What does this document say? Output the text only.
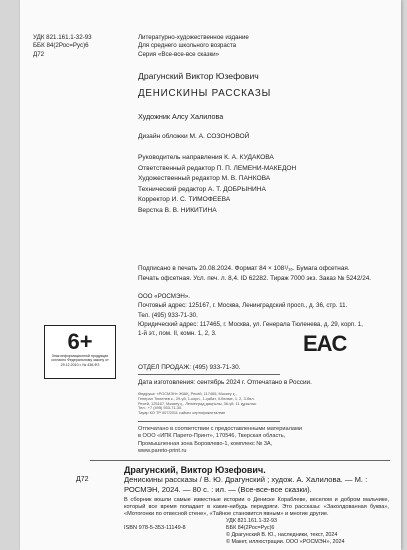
УДК 821.161.1-32-93
ББК 84(2Рос=Рус)6
Д72
Литературно-художественное издание
Для среднего школьного возраста
Серия «Все-все-все сказки»
Драгунский Виктор Юзефович
ДЕНИСКИНЫ РАССКАЗЫ
Художник Алсу Халилова
Дизайн обложки М. А. СОЗОНОВОЙ
Руководитель направления К. А. КУДАКОВА
Ответственный редактор П. П. ЛЕМЕНИ-МАКЕДОН
Художественный редактор М. В. ПАНКОВА
Технический редактор А. Т. ДОБРЫНИНА
Корректор И. С. ТИМОФЕЕВА
Верстка В. В. НИКИТИНА
Подписано в печать 20.08.2024. Формат 84 × 108¹/₁₆. Бумага офсетная.
Печать офсетная. Усл. печ. л. 8,4. ID 62282. Тираж 7000 экз. Заказ № 5242/24.
ООО «РОСМЭН».
Почтовый адрес: 125167, г. Москва, Ленинградский просп., д. 36, стр. 11.
Тел. (495) 933-71-30.
Юридический адрес: 117465, г. Москва, ул. Генерала Тюленева, д. 29, корп. 1,
1-й эт., пом. II, комн. 1, 2, 3.
6+
Знак информационной продукции согласно Федеральному закону от 29.12.2010 г. № 436-ФЗ
EAC
ОТДЕЛ ПРОДАЖ: (495) 933-71-30.
Дата изготовления: сентябрь 2024 г. Отпечатано в России.
Өндіруші: «РОСМЭН» ЖШҚ, Ресей, 117465, Мәскеу қ.,
Генерал Тюленев к., 29-үй, 1-корп., 1-қабат, II-бөлме, 1, 2, 3-бөл.
Ресей, 125167, Мәскеу қ., Ленинград даңғылы, 36-үй, 11 құрылыс
Тел.: +7 (495) 933-71-30.
Тауар КО ТР 007/2011 сәйкес сертификатталған
Отпечатано в соответствии с предоставленными материалами
в ООО «ИПК Парето-Принт», 170546, Тверская область,
Промышленная зона Боровлево-1, комплекс № 3А,
www.pareto-print.ru
Драгунский, Виктор Юзефович.
Д72	Денискины рассказы / В. Ю. Драгунский ; худож. А. Халилова. — М. : РОСМЭН, 2024. — 80 с. : ил. — (Все-все-все сказки).
В сборник вошли самые известные истории о Дениске Кораблеве, веселом и добром мальчике, который все время попадает в какие-нибудь передряги. Это рассказы: «Заколдованная буква», «Мотогонки по отвесной стене», «Тайное становится явным» и многие другие.
ISBN 978-5-353-11149-8
УДК 821.161.1-32-93
ББК 84(2Рос=Рус)6
© Драгунский В. Ю., наследники, текст, 2024
© Макет, иллюстрации. ООО «РОСМЭН», 2024
